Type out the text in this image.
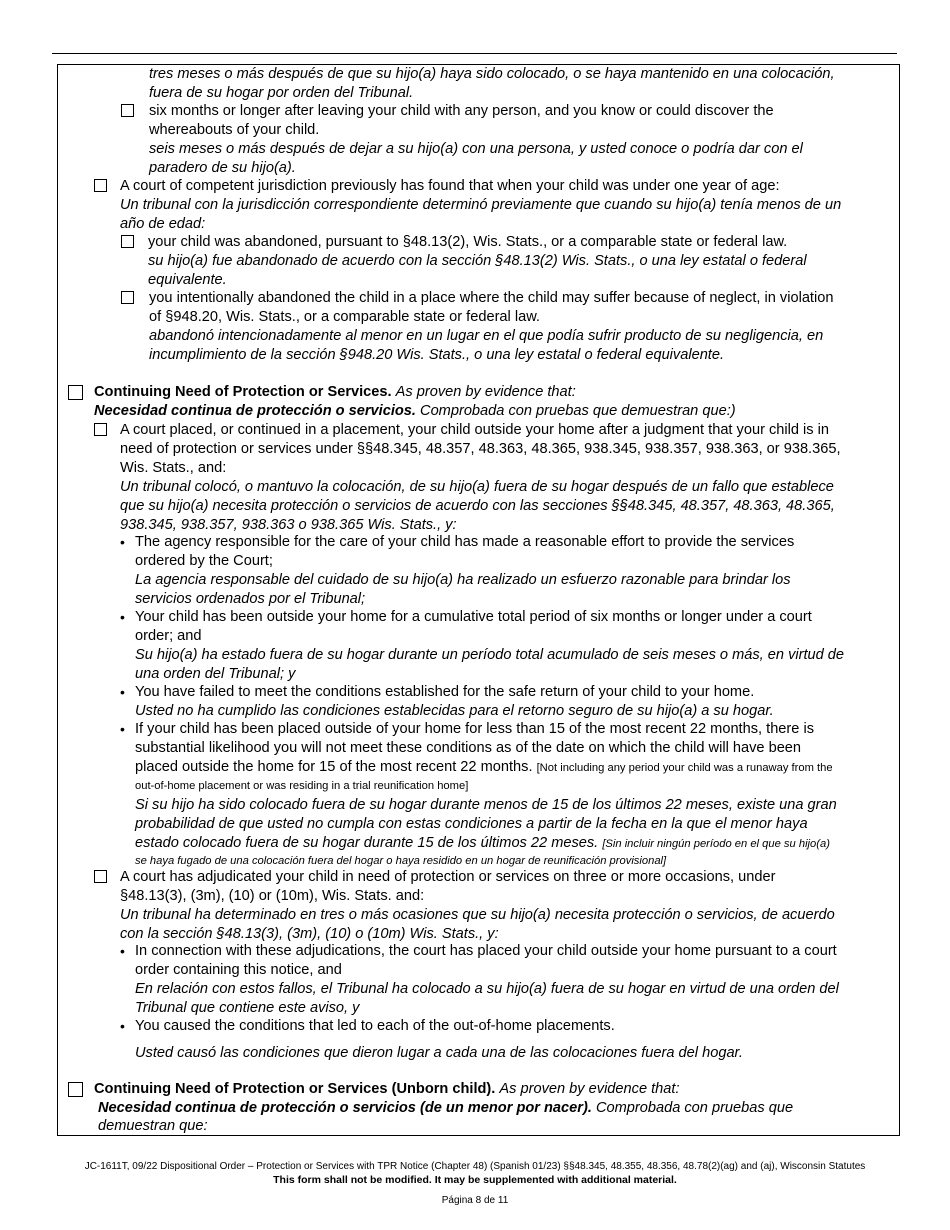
tres meses o más después de que su hijo(a) haya sido colocado, o se haya mantenido en una colocación,
fuera de su hogar por orden del Tribunal.
six months or longer after leaving your child with any person, and you know or could discover the
whereabouts of your child.
seis meses o más después de dejar a su hijo(a) con una persona, y usted conoce o podría dar con el
paradero de su hijo(a).
A court of competent jurisdiction previously has found that when your child was under one year of age:
Un tribunal con la jurisdicción correspondiente determinó previamente que cuando su hijo(a) tenía menos de un
año de edad:
your child was abandoned, pursuant to §48.13(2), Wis. Stats., or a comparable state or federal law.
su hijo(a) fue abandonado de acuerdo con la sección §48.13(2) Wis. Stats., o una ley estatal o federal
equivalente.
you intentionally abandoned the child in a place where the child may suffer because of neglect, in violation
of §948.20, Wis. Stats., or a comparable state or federal law.
abandonó intencionadamente al menor en un lugar en el que podía sufrir producto de su negligencia, en
incumplimiento de la sección §948.20 Wis. Stats., o una ley estatal o federal equivalente.
Continuing Need of Protection or Services. As proven by evidence that:
Necesidad continua de protección o servicios. Comprobada con pruebas que demuestran que:)
A court placed, or continued in a placement, your child outside your home after a judgment that your child is in
need of protection or services under §§48.345, 48.357, 48.363, 48.365, 938.345, 938.357, 938.363, or 938.365,
Wis. Stats., and:
Un tribunal colocó, o mantuvo la colocación, de su hijo(a) fuera de su hogar después de un fallo que establece
que su hijo(a) necesita protección o servicios de acuerdo con las secciones §§48.345, 48.357, 48.363, 48.365,
938.345, 938.357, 938.363 o 938.365 Wis. Stats., y:
• The agency responsible for the care of your child has made a reasonable effort to provide the services
ordered by the Court;
La agencia responsable del cuidado de su hijo(a) ha realizado un esfuerzo razonable para brindar los
servicios ordenados por el Tribunal;
• Your child has been outside your home for a cumulative total period of six months or longer under a court
order; and
Su hijo(a) ha estado fuera de su hogar durante un período total acumulado de seis meses o más, en virtud de
una orden del Tribunal; y
• You have failed to meet the conditions established for the safe return of your child to your home.
Usted no ha cumplido las condiciones establecidas para el retorno seguro de su hijo(a) a su hogar.
• If your child has been placed outside of your home for less than 15 of the most recent 22 months, there is
substantial likelihood you will not meet these conditions as of the date on which the child will have been
placed outside the home for 15 of the most recent 22 months. [Not including any period your child was a runaway from the
out-of-home placement or was residing in a trial reunification home]
Si su hijo ha sido colocado fuera de su hogar durante menos de 15 de los últimos 22 meses, existe una gran
probabilidad de que usted no cumpla con estas condiciones a partir de la fecha en la que el menor haya
estado colocado fuera de su hogar durante 15 de los últimos 22 meses. [Sin incluir ningún período en el que su hijo(a)
se haya fugado de una colocación fuera del hogar o haya residido en un hogar de reunificación provisional]
A court has adjudicated your child in need of protection or services on three or more occasions, under
§48.13(3), (3m), (10) or (10m), Wis. Stats. and:
Un tribunal ha determinado en tres o más ocasiones que su hijo(a) necesita protección o servicios, de acuerdo
con la sección §48.13(3), (3m), (10) o (10m) Wis. Stats., y:
• In connection with these adjudications, the court has placed your child outside your home pursuant to a court
order containing this notice, and
En relación con estos fallos, el Tribunal ha colocado a su hijo(a) fuera de su hogar en virtud de una orden del
Tribunal que contiene este aviso, y
• You caused the conditions that led to each of the out-of-home placements.
Usted causó las condiciones que dieron lugar a cada una de las colocaciones fuera del hogar.
Continuing Need of Protection or Services (Unborn child). As proven by evidence that:
Necesidad continua de protección o servicios (de un menor por nacer). Comprobada con pruebas que
demuestran que:
JC-1611T, 09/22 Dispositional Order – Protection or Services with TPR Notice (Chapter 48) (Spanish 01/23) §§48.345, 48.355, 48.356, 48.78(2)(ag) and (aj), Wisconsin Statutes
This form shall not be modified. It may be supplemented with additional material.
Página 8 de 11
